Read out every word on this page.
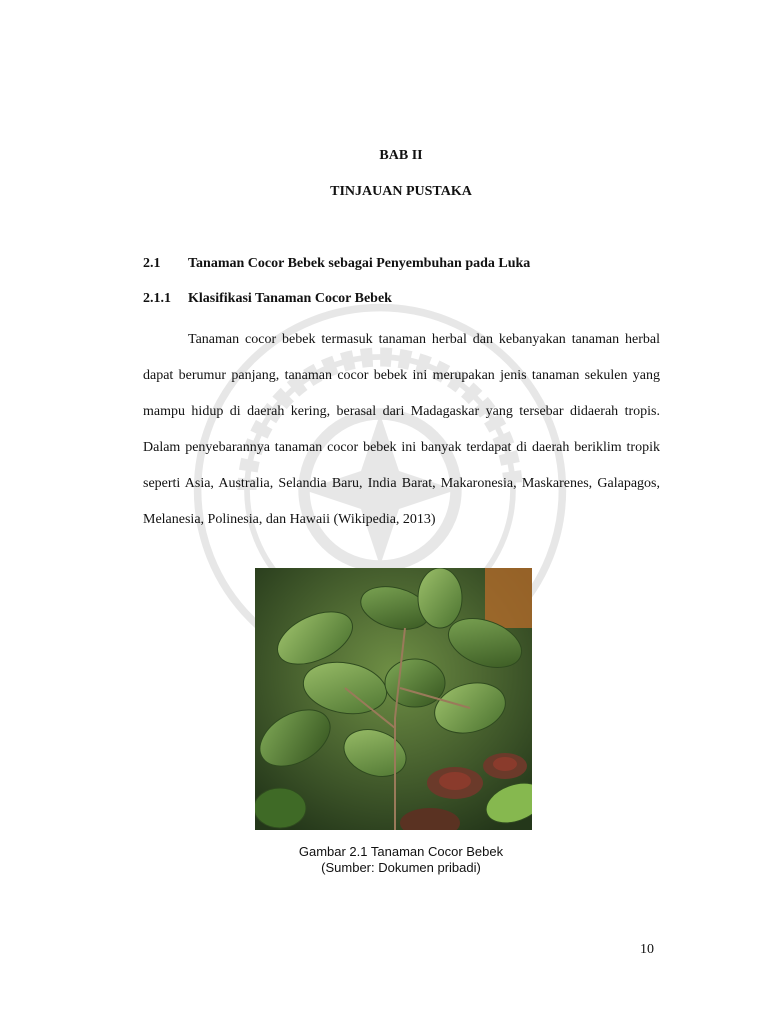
BAB II
TINJAUAN PUSTAKA
2.1 Tanaman Cocor Bebek sebagai Penyembuhan pada Luka
2.1.1 Klasifikasi Tanaman Cocor Bebek

Tanaman cocor bebek termasuk tanaman herbal dan kebanyakan tanaman herbal dapat berumur panjang, tanaman cocor bebek ini merupakan jenis tanaman sekulen yang mampu hidup di daerah kering, berasal dari Madagaskar yang tersebar didaerah tropis. Dalam penyebarannya tanaman cocor bebek ini banyak terdapat di daerah beriklim tropik seperti Asia, Australia, Selandia Baru, India Barat, Makaronesia, Maskarenes, Galapagos, Melanesia, Polinesia, dan Hawaii (Wikipedia, 2013)

Gambar 2.1 Tanaman Cocor Bebek
(Sumber: Dokumen pribadi)
10
